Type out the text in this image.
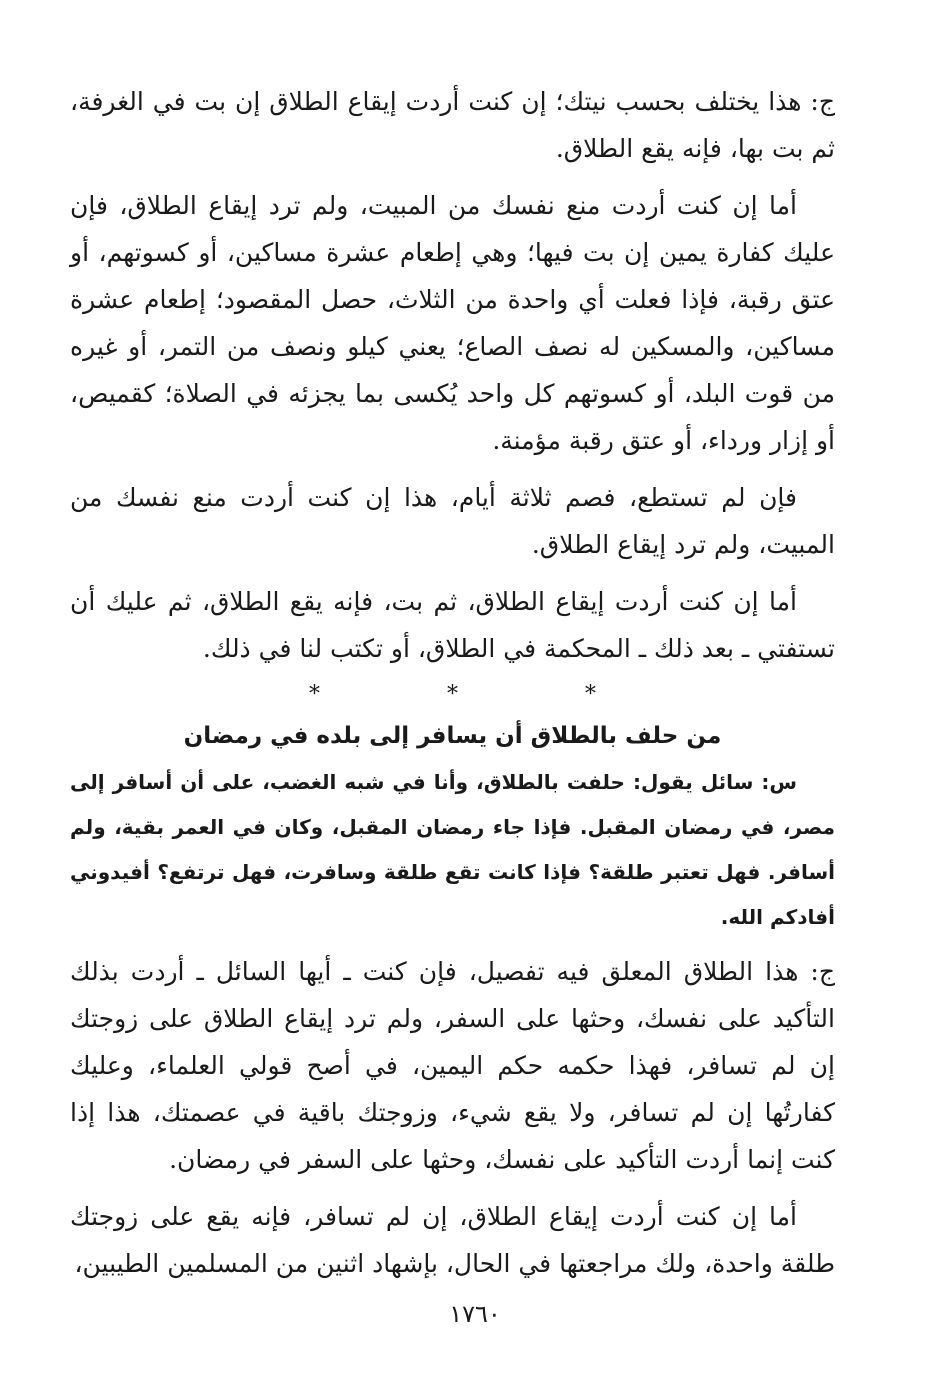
ج: هذا يختلف بحسب نيتك؛ إن كنت أردت إيقاع الطلاق إن بت في الغرفة، ثم بت بها، فإنه يقع الطلاق.

أما إن كنت أردت منع نفسك من المبيت، ولم ترد إيقاع الطلاق، فإن عليك كفارة يمين إن بت فيها؛ وهي إطعام عشرة مساكين، أو كسوتهم، أو عتق رقبة، فإذا فعلت أي واحدة من الثلاث، حصل المقصود؛ إطعام عشرة مساكين، والمسكين له نصف الصاع؛ يعني كيلو ونصف من التمر، أو غيره من قوت البلد، أو كسوتهم كل واحد يُكسى بما يجزئه في الصلاة؛ كقميص، أو إزار ورداء، أو عتق رقبة مؤمنة.

فإن لم تستطع، فصم ثلاثة أيام، هذا إن كنت أردت منع نفسك من المبيت، ولم ترد إيقاع الطلاق.

أما إن كنت أردت إيقاع الطلاق، ثم بت، فإنه يقع الطلاق، ثم عليك أن تستفتي ـ بعد ذلك ـ المحكمة في الطلاق، أو تكتب لنا في ذلك.

* * *
من حلف بالطلاق أن يسافر إلى بلده في رمضان

س: سائل يقول: حلفت بالطلاق، وأنا في شبه الغضب، على أن أسافر إلى مصر، في رمضان المقبل. فإذا جاء رمضان المقبل، وكان في العمر بقية، ولم أسافر. فهل تعتبر طلقة؟ فإذا كانت تقع طلقة وسافرت، فهل ترتفع؟ أفيدوني أفادكم الله.

ج: هذا الطلاق المعلق فيه تفصيل، فإن كنت ـ أيها السائل ـ أردت بذلك التأكيد على نفسك، وحثها على السفر، ولم ترد إيقاع الطلاق على زوجتك إن لم تسافر، فهذا حكمه حكم اليمين، في أصح قولي العلماء، وعليك كفارتُها إن لم تسافر، ولا يقع شيء، وزوجتك باقية في عصمتك، هذا إذا كنت إنما أردت التأكيد على نفسك، وحثها على السفر في رمضان.

أما إن كنت أردت إيقاع الطلاق، إن لم تسافر، فإنه يقع على زوجتك طلقة واحدة، ولك مراجعتها في الحال، بإشهاد اثنين من المسلمين الطيبين،

١٧٦٠
